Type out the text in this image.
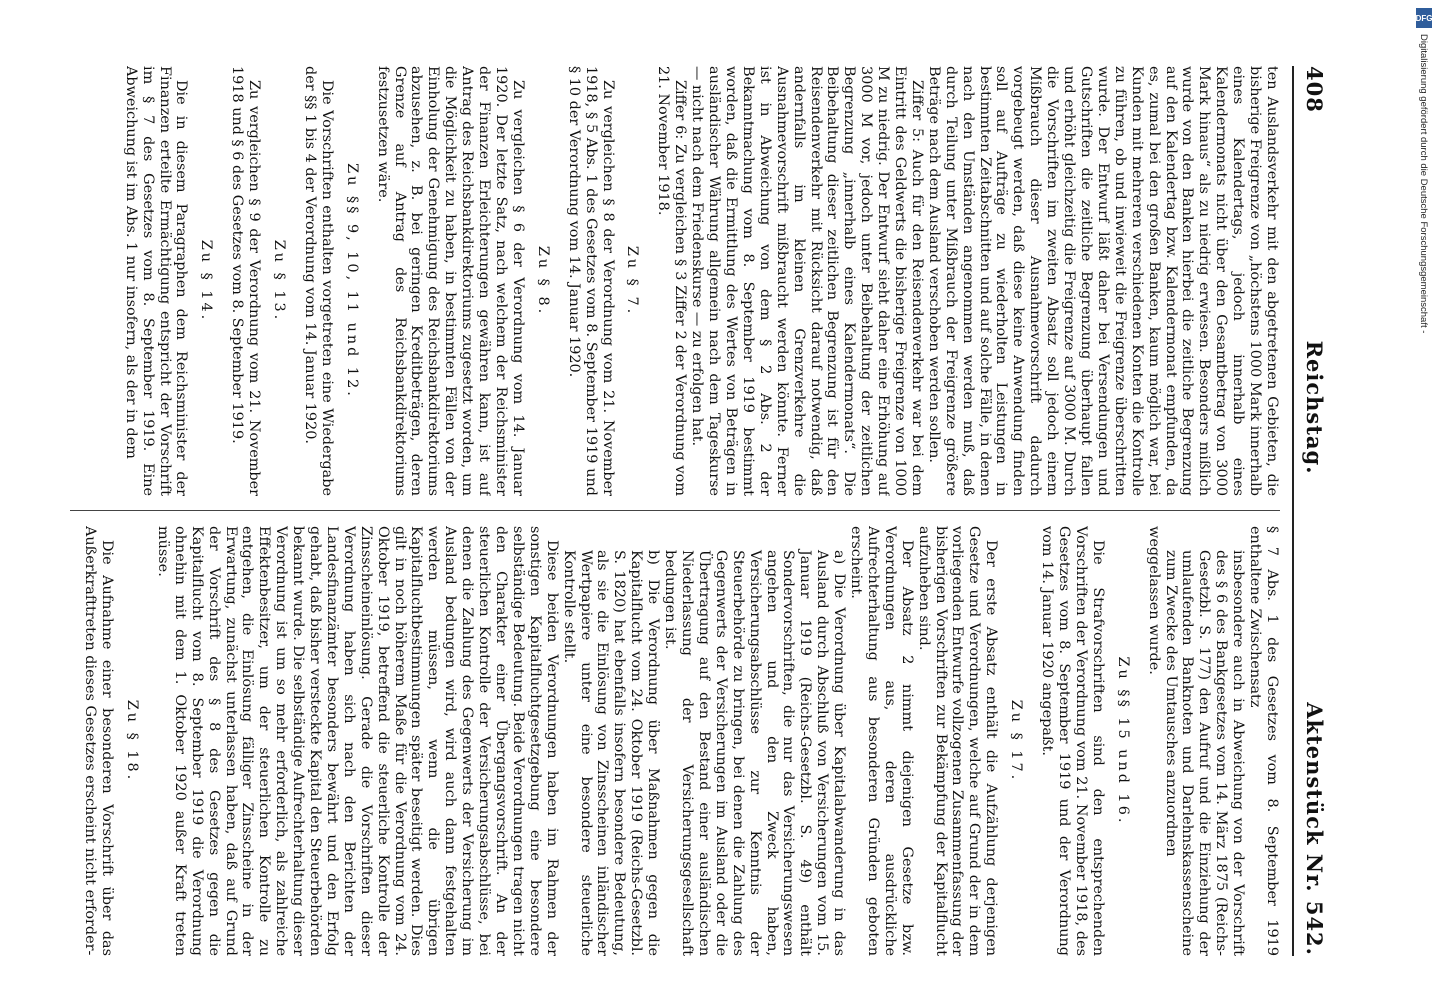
408
Reichstag.
Aktenstück Nr. 542.

ten Auslandsverkehr mit den abgetretenen Gebieten, die bisherige Freigrenze von „höchstens 1000 Mark innerhalb eines Kalendertags, jedoch innerhalb eines Kalendermonats nicht über den Gesamtbetrag von 3000 Mark hinaus“ als zu niedrig erwiesen. Besonders mißlich wurde von den Banken hierbei die zeitliche Begrenzung auf den Kalendertag bzw. Kalendermonat empfunden, da es, zumal bei den großen Banken, kaum möglich war, bei Kunden mit mehreren verschiedenen Konten die Kontrolle zu führen, ob und inwieweit die Freigrenze überschritten wurde. Der Entwurf läßt daher bei Versendungen und Gutschriften die zeitliche Begrenzung überhaupt fallen und erhöht gleichzeitig die Freigrenze auf 3000 M. Durch die Vorschriften im zweiten Absatz soll jedoch einem Mißbrauch dieser Ausnahmevorschrift dadurch vorgebeugt werden, daß diese keine Anwendung finden soll auf Aufträge zu wiederholten Leistungen in bestimmten Zeitabschnitten und auf solche Fälle, in denen nach den Umständen angenommen werden muß, daß durch Teilung unter Mißbrauch der Freigrenze größere Beträge nach dem Ausland verschoben werden sollen.

Ziffer 5: Auch für den Reisendenverkehr war bei dem Eintritt des Geldwerts die bisherige Freigrenze von 1000 M zu niedrig. Der Entwurf sieht daher eine Erhöhung auf 3000 M vor, jedoch unter Beibehaltung der zeitlichen Begrenzung „innerhalb eines Kalendermonats“. Die Beibehaltung dieser zeitlichen Begrenzung ist für den Reisendenverkehr mit Rücksicht darauf notwendig, daß andernfalls im kleinen Grenzverkehre die Ausnahmevorschrift mißbraucht werden könnte. Ferner ist in Abweichung von dem § 2 Abs. 2 der Bekanntmachung vom 8. September 1919 bestimmt worden, daß die Ermittlung des Wertes von Beträgen in ausländischer Währung allgemein nach dem Tageskurse — nicht nach dem Friedenskurse — zu erfolgen hat.

Ziffer 6: Zu vergleichen § 3 Ziffer 2 der Verordnung vom 21. November 1918.

Zu § 7.

Zu vergleichen § 8 der Verordnung vom 21. November 1918, § 5 Abs. 1 des Gesetzes vom 8. September 1919 und § 10 der Verordnung vom 14. Januar 1920.

Zu § 8.

Zu vergleichen § 6 der Verordnung vom 14. Januar 1920. Der letzte Satz, nach welchem der Reichsminister der Finanzen Erleichterungen gewähren kann, ist auf Antrag des Reichsbankdirektoriums zugesetzt worden, um die Möglichkeit zu haben, in bestimmten Fällen von der Einholung der Genehmigung des Reichsbankdirektoriums abzusehen, z. B. bei geringen Kreditbeträgen, deren Grenze auf Antrag des Reichsbankdirektoriums festzusetzen wäre.

Zu §§ 9, 10, 11 und 12.

Die Vorschriften enthalten vorgetreten eine Wiedergabe der §§ 1 bis 4 der Verordnung vom 14. Januar 1920.

Zu § 13.

Zu vergleichen § 9 der Verordnung vom 21. November 1918 und § 6 des Gesetzes vom 8. September 1919.

Zu § 14.

Die in diesem Paragraphen dem Reichsminister der Finanzen erteilte Ermächtigung entspricht der Vorschrift im § 7 des Gesetzes vom 8. September 1919. Eine Abweichung ist im Abs. 1 nur insofern, als der in dem

§ 7 Abs. 1 des Gesetzes vom 8. September 1919 enthaltene Zwischensatz

insbesondere auch in Abweichung von der Vorschrift des § 6 des Bankgesetzes vom 14. März 1875 (Reichs-Gesetzbl. S. 177) den Aufruf und die Einziehung der umlaufenden Banknoten und Darlehnskassenscheine zum Zwecke des Umtausches anzuordnen

weggelassen wurde.

Zu §§ 15 und 16.

Die Strafvorschriften sind den entsprechenden Vorschriften der Verordnung vom 21. November 1918, des Gesetzes vom 8. September 1919 und der Verordnung vom 14. Januar 1920 angepaßt.

Zu § 17.

Der erste Absatz enthält die Aufzählung derjenigen Gesetze und Verordnungen, welche auf Grund der in dem vorliegenden Entwurfe vollzogenen Zusammenfassung der bisherigen Vorschriften zur Bekämpfung der Kapitalflucht aufzuheben sind.

Der Absatz 2 nimmt diejenigen Gesetze bzw. Verordnungen aus, deren ausdrückliche Aufrechterhaltung aus besonderen Gründen geboten erscheint.

a) Die Verordnung über Kapitalabwanderung in das Ausland durch Abschluß von Versicherungen vom 15. Januar 1919 (Reichs-Gesetzbl. S. 49) enthält Sondervorschriften, die nur das Versicherungswesen angehen und den Zweck haben, Versicherungsabschlüsse zur Kenntnis der Steuerbehörde zu bringen, bei denen die Zahlung des Gegenwerts der Versicherungen im Ausland oder die Übertragung auf den Bestand einer ausländischen Niederlassung der Versicherungsgesellschaft bedungen ist.

b) Die Verordnung über Maßnahmen gegen die Kapitalflucht vom 24. Oktober 1919 (Reichs-Gesetzbl. S. 1820) hat ebenfalls insofern besondere Bedeutung, als sie die Einlösung von Zinsscheinen inländischer Wertpapiere unter eine besondere steuerliche Kontrolle stellt.

Diese beiden Verordnungen haben im Rahmen der sonstigen Kapitalfluchtgesetzgebung eine besondere selbständige Bedeutung. Beide Verordnungen tragen nicht den Charakter einer Übergangsvorschrift. An der steuerlichen Kontrolle der Versicherungsabschlüsse, bei denen die Zahlung des Gegenwerts der Versicherung im Ausland bedungen wird, wird auch dann festgehalten werden müssen, wenn die übrigen Kapitalfluchtbestimmungen später beseitigt werden. Dies gilt in noch höherem Maße für die Verordnung vom 24. Oktober 1919, betreffend die steuerliche Kontrolle der Zinsscheineinlösung. Gerade die Vorschriften dieser Verordnung haben sich nach den Berichten der Landesfinanzämter besonders bewährt und den Erfolg gehabt, daß bisher versteckte Kapital den Steuerbehörden bekannt wurde. Die selbständige Aufrechterhaltung dieser Verordnung ist um so mehr erforderlich, als zahlreiche Effektenbesitzer, um der steuerlichen Kontrolle zu entgehen, die Einlösung fälliger Zinsscheine in der Erwartung, zunächst unterlassen haben, daß auf Grund der Vorschrift des § 8 des Gesetzes gegen die Kapitalflucht vom 8. September 1919 die Verordnung ohnehin mit dem 1. Oktober 1920 außer Kraft treten müsse.

Zu § 18.

Die Aufnahme einer besonderen Vorschrift über das Außerkrafttreten dieses Gesetzes erscheint nicht erforder-

DFG
Digitalisierung gefördert durch die Deutsche Forschungsgemeinschaft -
